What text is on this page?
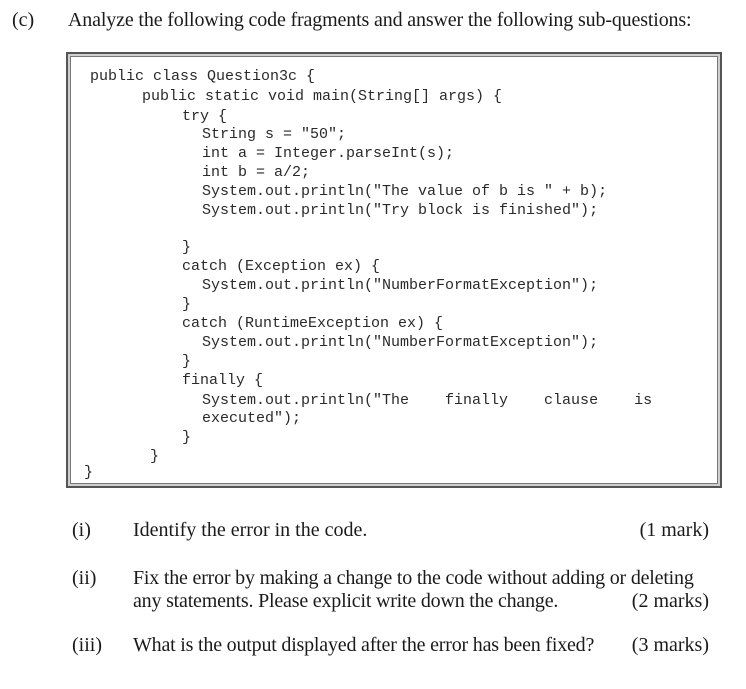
(c) Analyze the following code fragments and answer the following sub-questions:
public class Question3c {
public static void main(String[] args) {
try {
String s = "50";
int a = Integer.parseInt(s);
int b = a/2;
System.out.println("The value of b is " + b);
System.out.println("Try block is finished");
}
catch (Exception ex) {
System.out.println("NumberFormatException");
}
catch (RuntimeException ex) {
System.out.println("NumberFormatException");
}
finally {
System.out.println("The    finally    clause    is
executed");
}
}
}
(i) Identify the error in the code.	(1 mark)
(ii) Fix the error by making a change to the code without adding or deleting
any statements. Please explicit write down the change.	(2 marks)
(iii) What is the output displayed after the error has been fixed? (3 marks)
